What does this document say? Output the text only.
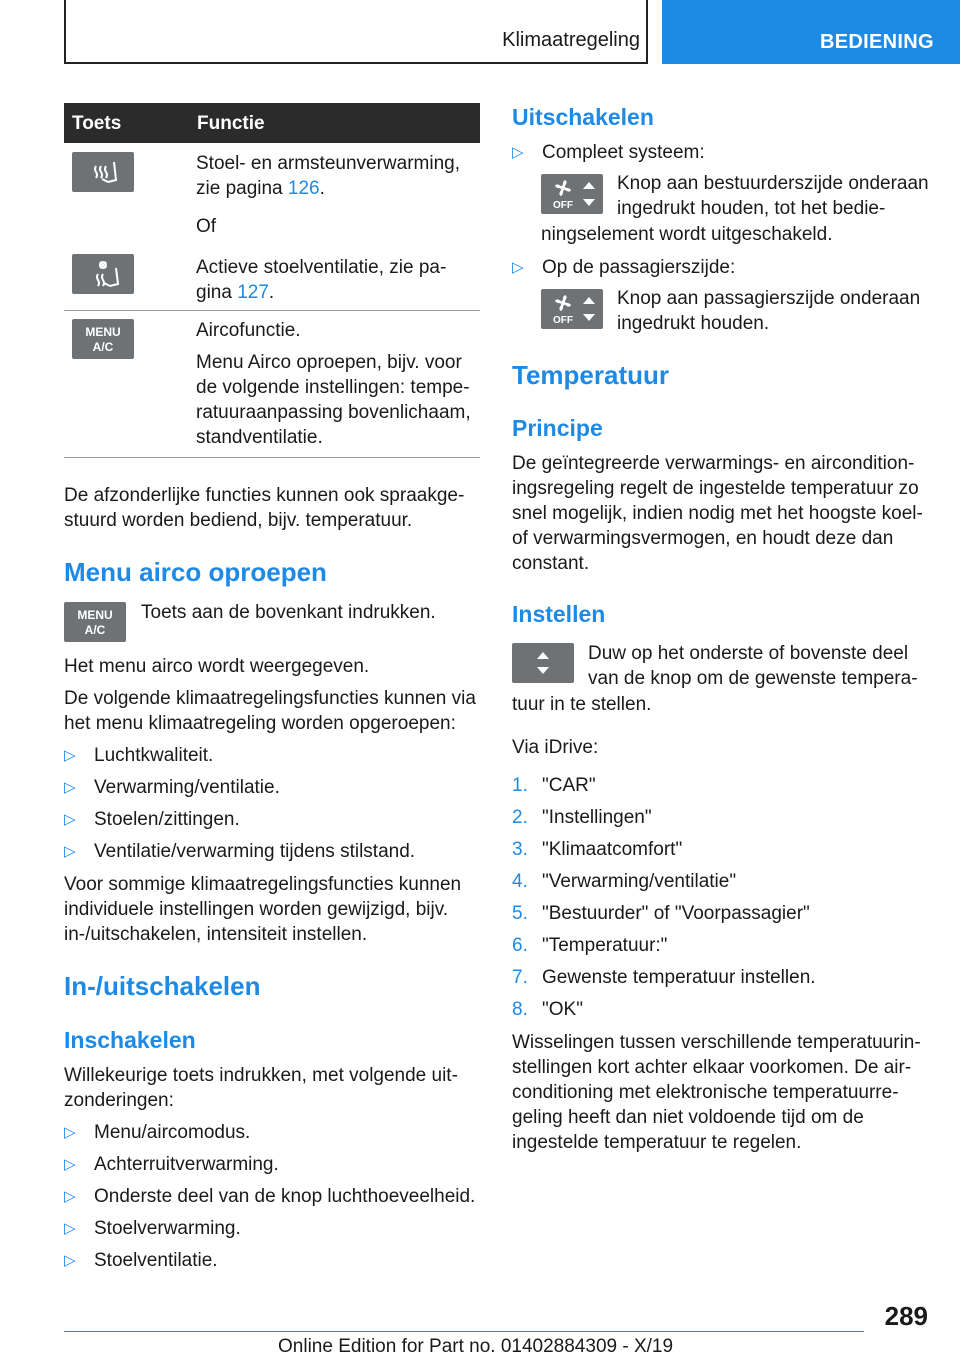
Klimaatregeling	BEDIENING
Toets	Functie
Stoel- en armsteunverwarming,
zie pagina 126.
Of
Actieve stoelventilatie, zie pa-
gina 127.
MENU
A/C
Aircofunctie.
Menu Airco oproepen, bijv. voor
de volgende instellingen: tempe-
ratuuraanpassing bovenlichaam,
standventilatie.
De afzonderlijke functies kunnen ook spraakge-
stuurd worden bediend, bijv. temperatuur.
Menu airco oproepen
MENU
A/C
Toets aan de bovenkant indrukken.
Het menu airco wordt weergegeven.
De volgende klimaatregelingsfuncties kunnen via
het menu klimaatregeling worden opgeroepen:
▷ Luchtkwaliteit.
▷ Verwarming/ventilatie.
▷ Stoelen/zittingen.
▷ Ventilatie/verwarming tijdens stilstand.
Voor sommige klimaatregelingsfuncties kunnen
individuele instellingen worden gewijzigd, bijv.
in-/uitschakelen, intensiteit instellen.
In-/uitschakelen
Inschakelen
Willekeurige toets indrukken, met volgende uit-
zonderingen:
▷ Menu/aircomodus.
▷ Achterruitverwarming.
▷ Onderste deel van de knop luchthoeveelheid.
▷ Stoelverwarming.
▷ Stoelventilatie.
Uitschakelen
▷ Compleet systeem:
OFF
Knop aan bestuurderszijde onderaan
ingedrukt houden, tot het bedie-
ningselement wordt uitgeschakeld.
▷ Op de passagierszijde:
OFF
Knop aan passagierszijde onderaan
ingedrukt houden.
Temperatuur
Principe
De geïntegreerde verwarmings- en aircondition-
ingsregeling regelt de ingestelde temperatuur zo
snel mogelijk, indien nodig met het hoogste koel-
of verwarmingsvermogen, en houdt deze dan
constant.
Instellen
Duw op het onderste of bovenste deel
van de knop om de gewenste tempera-
tuur in te stellen.
Via iDrive:
1. "CAR"
2. "Instellingen"
3. "Klimaatcomfort"
4. "Verwarming/ventilatie"
5. "Bestuurder" of "Voorpassagier"
6. "Temperatuur:"
7. Gewenste temperatuur instellen.
8. "OK"
Wisselingen tussen verschillende temperatuurin-
stellingen kort achter elkaar voorkomen. De air-
conditioning met elektronische temperatuurre-
geling heeft dan niet voldoende tijd om de
ingestelde temperatuur te regelen.
289
Online Edition for Part no. 01402884309 - X/19
